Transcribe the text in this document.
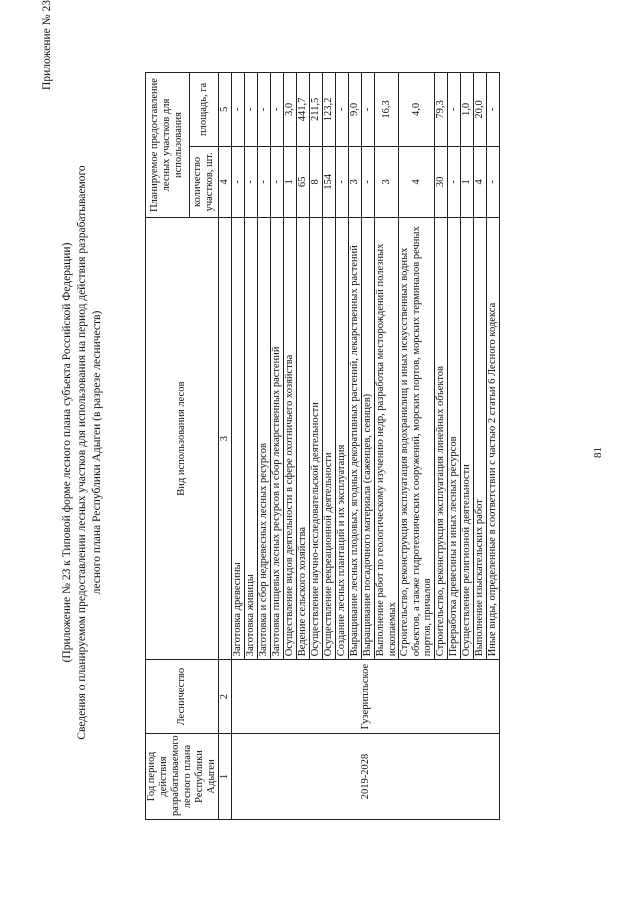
Приложение № 23
(Приложение № 23 к Типовой форме лесного плана субъекта Российской Федерации) Сведения о планируемом предоставлении лесных участков для использования на период действия разрабатываемого лесного плана Республики Адыгеи (в разрезе лесничеств)
Год период действия разрабатываемого лесного плана Республики Адыгеи	Лесничество	Вид использования лесов	Планируемое предоставление лесных участков для использования	
			количество участков, шт.	площадь, га
1	2	3	4	5
2019-2028	Гузерипльское	Заготовка древесины	-	-
		Заготовка живицы	-	-
		Заготовка и сбор недревесных лесных ресурсов	-	-
		Заготовка пищевых лесных ресурсов и сбор лекарственных растений	-	-
		Осуществление видов деятельности в сфере охотничьего хозяйства	1	3,0
		Ведение сельского хозяйства	65	441,7
		Осуществление научно-исследовательской деятельности	8	211,5
		Осуществление рекреационной деятельности	154	123,2
		Создание лесных плантаций и их эксплуатация	-	-
		Выращивание лесных плодовых, ягодных декоративных растений, лекарственных растений	3	9,0
		Выращивание посадочного материала (саженцев, сеянцев)	-	-
		Выполнение работ по геологическому изучению недр, разработка месторождений полезных ископаемых	3	16,3
		Строительство, реконструкция эксплуатация водохранилищ и иных искусственных водных объектов, а также гидротехнических сооружений, морских портов, морских терминалов речных портов, причалов	4	4,0
		Строительство, реконструкция эксплуатация линейных объектов	30	79,3
		Переработка древесины и иных лесных ресурсов	-	-
		Осуществление религиозной деятельности	1	1,0
		Выполнение изыскательских работ	4	20,0
		Иные виды, определенные в соответствии с частью 2 статьи 6 Лесного кодекса	-	-
81
